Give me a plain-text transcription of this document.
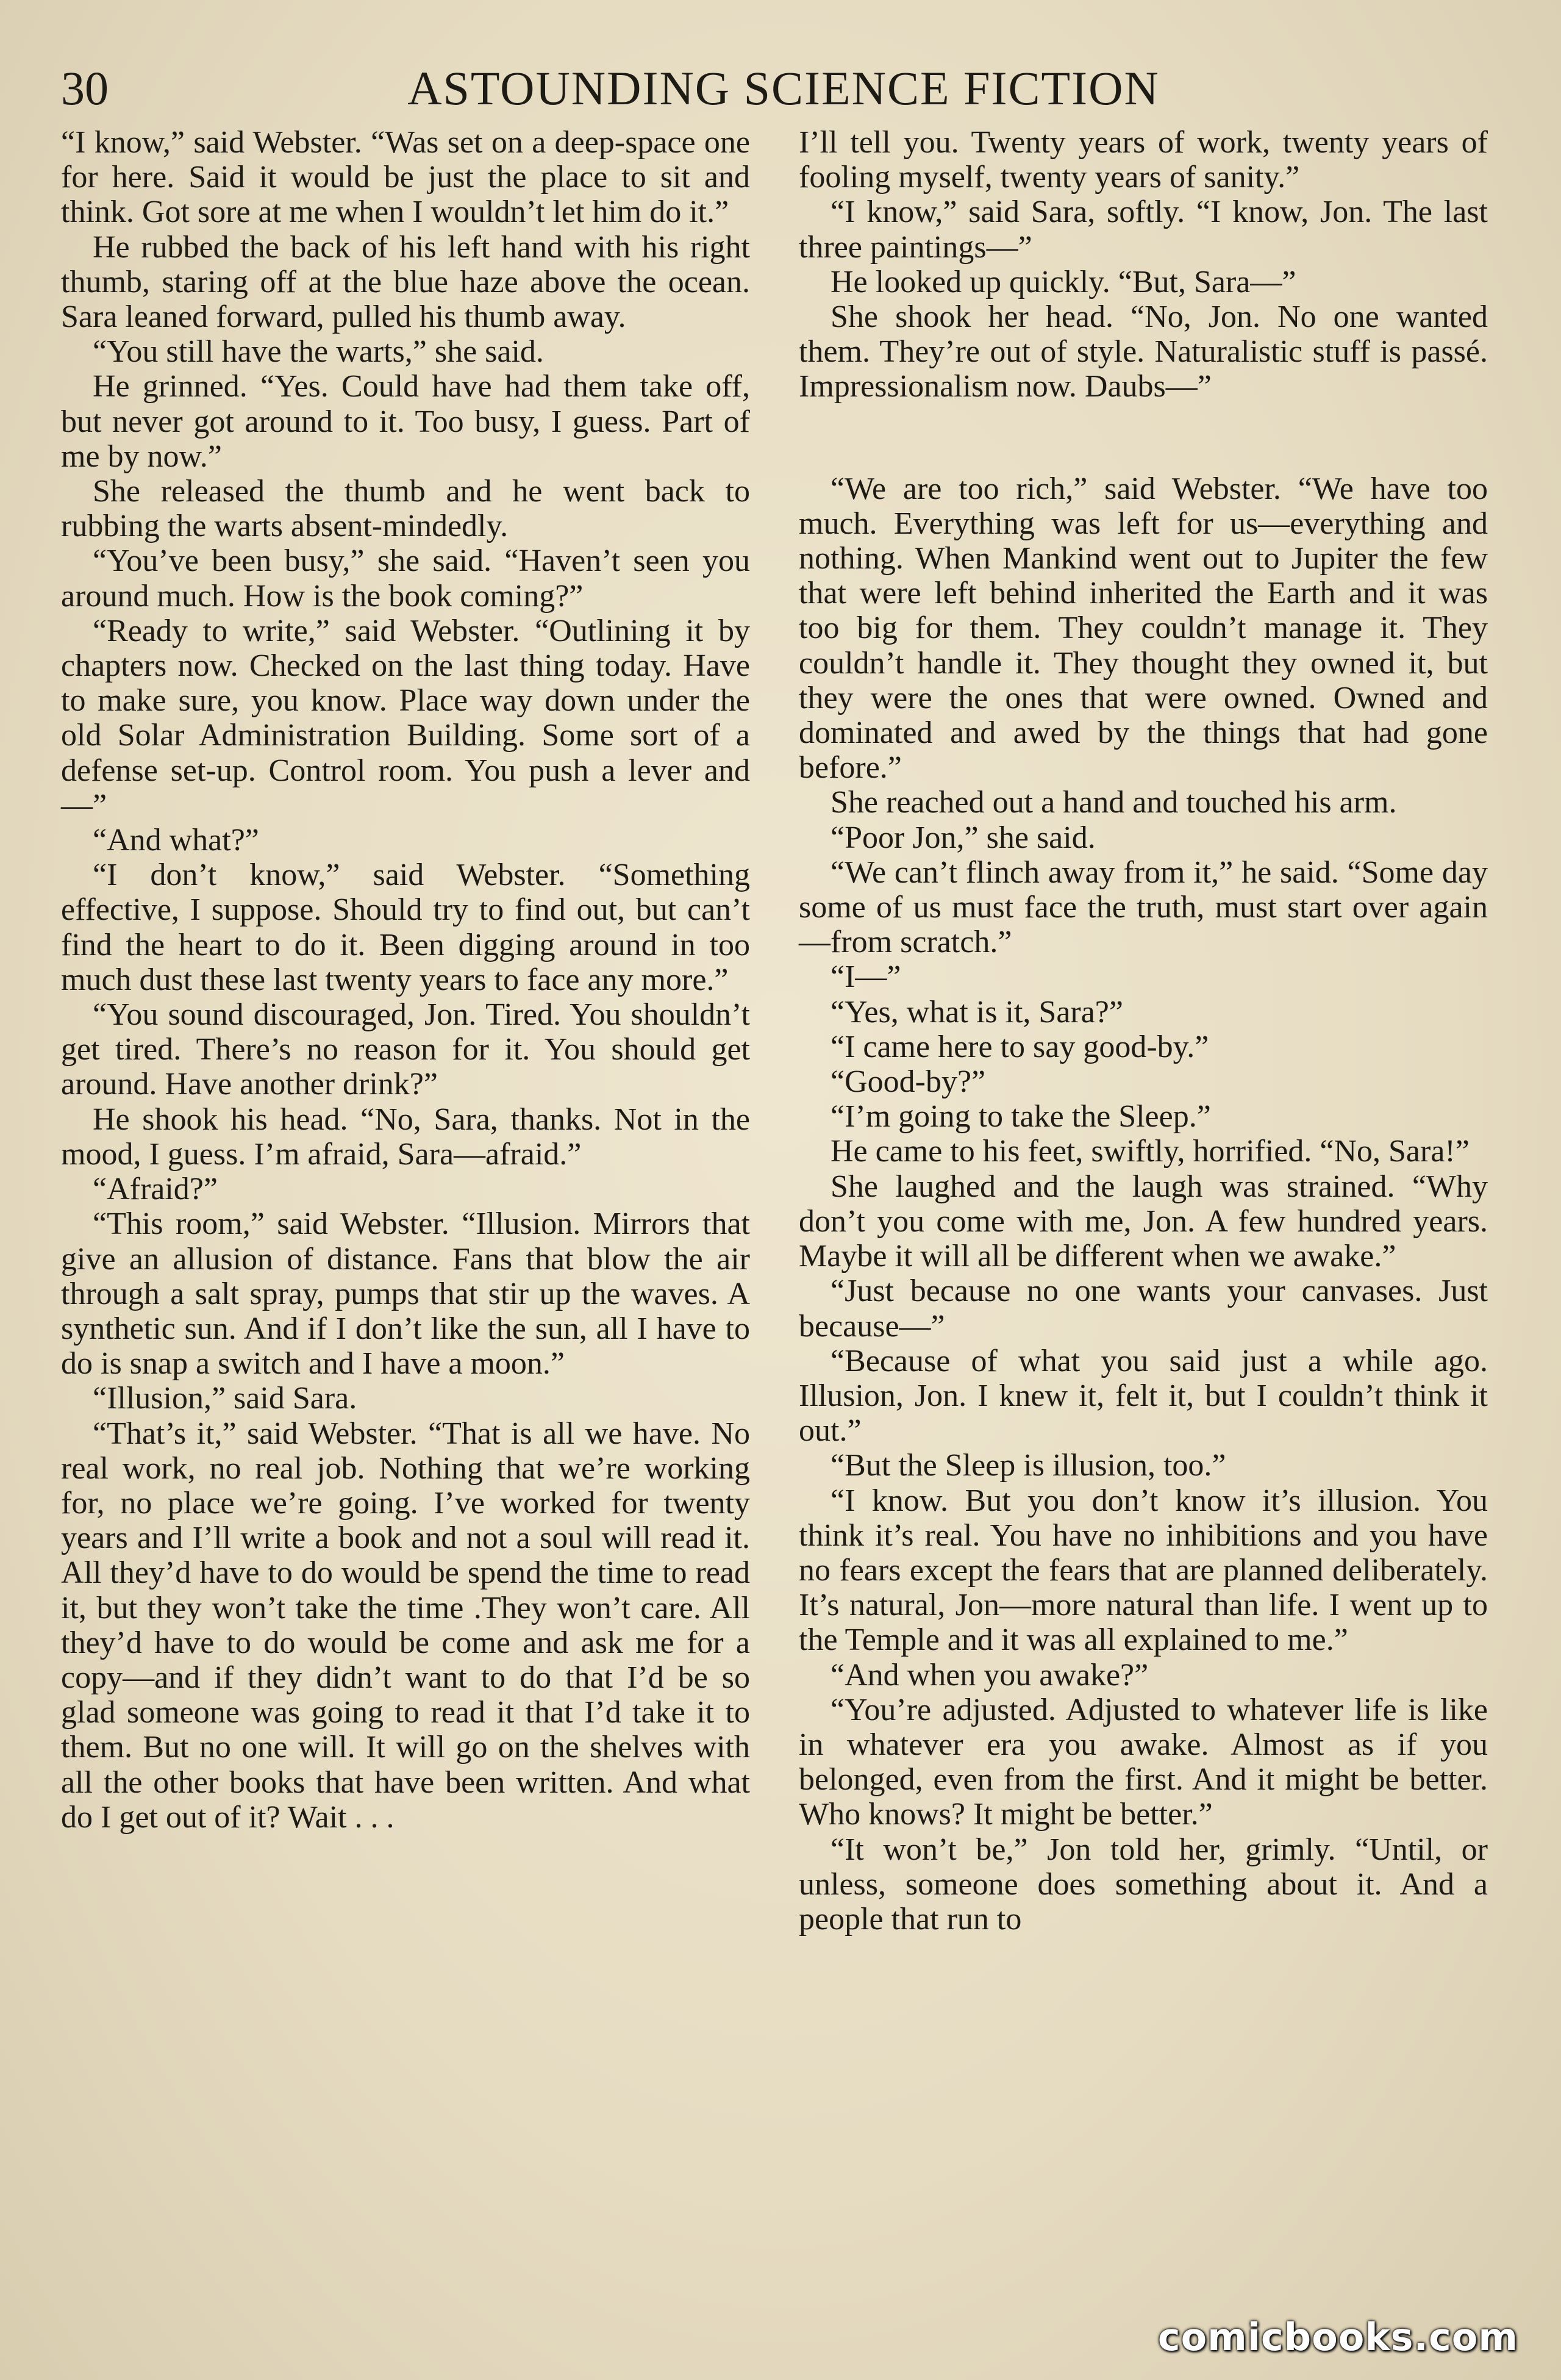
30	ASTOUNDING SCIENCE FICTION

“I know,” said Webster. “Was set on a deep-space one for here. Said it would be just the place to sit and think. Got sore at me when I wouldn’t let him do it.”

He rubbed the back of his left hand with his right thumb, staring off at the blue haze above the ocean. Sara leaned forward, pulled his thumb away.

“You still have the warts,” she said.

He grinned. “Yes. Could have had them take off, but never got around to it. Too busy, I guess. Part of me by now.”

She released the thumb and he went back to rubbing the warts absent-mindedly.

“You’ve been busy,” she said. “Haven’t seen you around much. How is the book coming?”

“Ready to write,” said Webster. “Outlining it by chapters now. Checked on the last thing today. Have to make sure, you know. Place way down under the old Solar Administration Building. Some sort of a defense set-up. Control room. You push a lever and—”

“And what?”

“I don’t know,” said Webster. “Something effective, I suppose. Should try to find out, but can’t find the heart to do it. Been digging around in too much dust these last twenty years to face any more.”

“You sound discouraged, Jon. Tired. You shouldn’t get tired. There’s no reason for it. You should get around. Have another drink?”

He shook his head. “No, Sara, thanks. Not in the mood, I guess. I’m afraid, Sara—afraid.”

“Afraid?”

“This room,” said Webster. “Illusion. Mirrors that give an allusion of distance. Fans that blow the air through a salt spray, pumps that stir up the waves. A synthetic sun. And if I don’t like the sun, all I have to do is snap a switch and I have a moon.”

“Illusion,” said Sara.

“That’s it,” said Webster. “That is all we have. No real work, no real job. Nothing that we’re working for, no place we’re going. I’ve worked for twenty years and I’ll write a book and not a soul will read it. All they’d have to do would be spend the time to read it, but they won’t take the time .They won’t care. All they’d have to do would be come and ask me for a copy—and if they didn’t want to do that I’d be so glad someone was going to read it that I’d take it to them. But no one will. It will go on the shelves with all the other books that have been written. And what do I get out of it? Wait . . .

I’ll tell you. Twenty years of work, twenty years of fooling myself, twenty years of sanity.”

“I know,” said Sara, softly. “I know, Jon. The last three paintings—”

He looked up quickly. “But, Sara—”

She shook her head. “No, Jon. No one wanted them. They’re out of style. Naturalistic stuff is passé. Impressionalism now. Daubs—”

“We are too rich,” said Webster. “We have too much. Everything was left for us—everything and nothing. When Mankind went out to Jupiter the few that were left behind inherited the Earth and it was too big for them. They couldn’t manage it. They couldn’t handle it. They thought they owned it, but they were the ones that were owned. Owned and dominated and awed by the things that had gone before.”

She reached out a hand and touched his arm.

“Poor Jon,” she said.

“We can’t flinch away from it,” he said. “Some day some of us must face the truth, must start over again—from scratch.”

“I—”

“Yes, what is it, Sara?”

“I came here to say good-by.”

“Good-by?”

“I’m going to take the Sleep.”

He came to his feet, swiftly, horrified. “No, Sara!”

She laughed and the laugh was strained. “Why don’t you come with me, Jon. A few hundred years. Maybe it will all be different when we awake.”

“Just because no one wants your canvases. Just because—”

“Because of what you said just a while ago. Illusion, Jon. I knew it, felt it, but I couldn’t think it out.”

“But the Sleep is illusion, too.”

“I know. But you don’t know it’s illusion. You think it’s real. You have no inhibitions and you have no fears except the fears that are planned deliberately. It’s natural, Jon—more natural than life. I went up to the Temple and it was all explained to me.”

“And when you awake?”

“You’re adjusted. Adjusted to whatever life is like in whatever era you awake. Almost as if you belonged, even from the first. And it might be better. Who knows? It might be better.”

“It won’t be,” Jon told her, grimly. “Until, or unless, someone does something about it. And a people that run to

comicbooks.com
